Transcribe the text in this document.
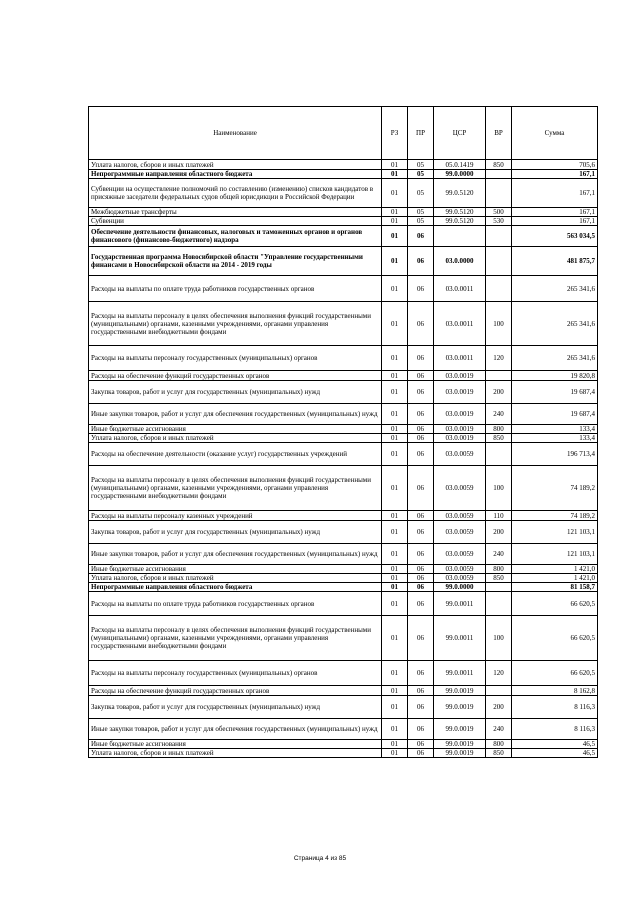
Наименование	РЗ	ПР	ЦСР	ВР	Сумма
Уплата налогов, сборов и иных платежей	01	05	05.0.1419	850	705,6
Непрограммные направления областного бюджета	01	05	99.0.0000		167,1
Субвенции на осуществление полномочий по составлению (изменению) списков кандидатов в присяжные заседатели федеральных судов общей юрисдикции в Российской Федерации	01	05	99.0.5120		167,1
Межбюджетные трансферты	01	05	99.0.5120	500	167,1
Субвенции	01	05	99.0.5120	530	167,1
Обеспечение деятельности финансовых, налоговых и таможенных органов и органов финансового (финансово-бюджетного) надзора	01	06			563 034,5
Государственная программа Новосибирской области "Управление государственными финансами в Новосибирской области на 2014 - 2019 годы	01	06	03.0.0000		481 875,7
Расходы на выплаты по оплате труда работников государственных органов	01	06	03.0.0011		265 341,6
Расходы на выплаты персоналу в целях обеспечения выполнения функций государственными (муниципальными) органами, казенными учреждениями, органами управления государственными внебюджетными фондами	01	06	03.0.0011	100	265 341,6
Расходы на выплаты персоналу государственных (муниципальных) органов	01	06	03.0.0011	120	265 341,6
Расходы на обеспечение функций государственных органов	01	06	03.0.0019		19 820,8
Закупка товаров, работ и услуг для государственных (муниципальных) нужд	01	06	03.0.0019	200	19 687,4
Иные закупки товаров, работ и услуг для обеспечения государственных (муниципальных) нужд	01	06	03.0.0019	240	19 687,4
Иные бюджетные ассигнования	01	06	03.0.0019	800	133,4
Уплата налогов, сборов и иных платежей	01	06	03.0.0019	850	133,4
Расходы на обеспечение деятельности (оказание услуг) государственных учреждений	01	06	03.0.0059		196 713,4
Расходы на выплаты персоналу в целях обеспечения выполнения функций государственными (муниципальными) органами, казенными учреждениями, органами управления государственными внебюджетными фондами	01	06	03.0.0059	100	74 189,2
Расходы на выплаты персоналу казенных учреждений	01	06	03.0.0059	110	74 189,2
Закупка товаров, работ и услуг для государственных (муниципальных) нужд	01	06	03.0.0059	200	121 103,1
Иные закупки товаров, работ и услуг для обеспечения государственных (муниципальных) нужд	01	06	03.0.0059	240	121 103,1
Иные бюджетные ассигнования	01	06	03.0.0059	800	1 421,0
Уплата налогов, сборов и иных платежей	01	06	03.0.0059	850	1 421,0
Непрограммные направления областного бюджета	01	06	99.0.0000		81 158,7
Расходы на выплаты по оплате труда работников государственных органов	01	06	99.0.0011		66 620,5
Расходы на выплаты персоналу в целях обеспечения выполнения функций государственными (муниципальными) органами, казенными учреждениями, органами управления государственными внебюджетными фондами	01	06	99.0.0011	100	66 620,5
Расходы на выплаты персоналу государственных (муниципальных) органов	01	06	99.0.0011	120	66 620,5
Расходы на обеспечение функций государственных органов	01	06	99.0.0019		8 162,8
Закупка товаров, работ и услуг для государственных (муниципальных) нужд	01	06	99.0.0019	200	8 116,3
Иные закупки товаров, работ и услуг для обеспечения государственных (муниципальных) нужд	01	06	99.0.0019	240	8 116,3
Иные бюджетные ассигнования	01	06	99.0.0019	800	46,5
Уплата налогов, сборов и иных платежей	01	06	99.0.0019	850	46,5
Страница 4 из 85
